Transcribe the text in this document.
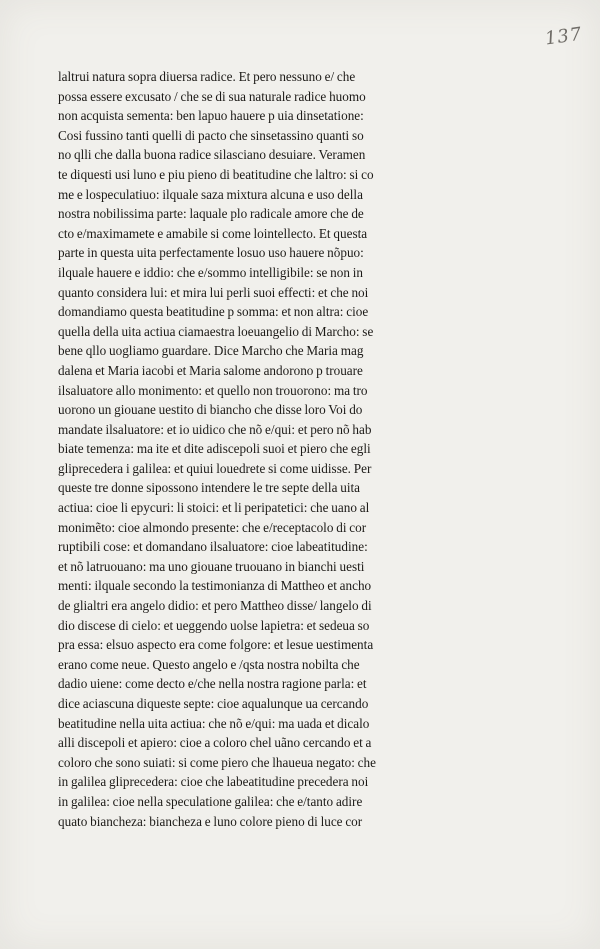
137
laltrui natura sopra diuersa radice. Et pero nessuno e/ che
possa essere excusato / che se di sua naturale radice huomo
non acquista sementa: ben lapuo hauere p uia dinsetatione:
Cosi fussino tanti quelli di pacto che sinsetassino quanti so
no qlli che dalla buona radice silasciano desuiare. Veramen
te diquesti usi luno e piu pieno di beatitudine che laltro: si co
me e lospeculatiuo: ilquale saza mixtura alcuna e uso della
nostra nobilissima parte: laquale plo radicale amore che de
cto e/maximamete e amabile si come lointellecto. Et questa
parte in questa uita perfectamente losuo uso hauere nõpuo:
ilquale hauere e iddio: che e/sommo intelligibile: se non in
quanto considera lui: et mira lui perli suoi effecti: et che noi
domandiamo questa beatitudine p somma: et non altra: cioe
quella della uita actiua ciamaestra loeuangelio di Marcho: se
bene qllo uogliamo guardare. Dice Marcho che Maria mag
dalena et Maria iacobi et Maria salome andorono p trouare
ilsaluatore allo monimento: et quello non trouorono: ma tro
uorono un giouane uestito di biancho che disse loro Voi do
mandate ilsaluatore: et io uidico che nõ e/qui: et pero nõ hab
biate temenza: ma ite et dite adiscepoli suoi et piero che egli
gliprecedera i galilea: et quiui louedrete si come uidisse. Per
queste tre donne sipossono intendere le tre septe della uita
actiua: cioe li epycuri: li stoici: et li peripatetici: che uano al
monimẽto: cioe almondo presente: che e/receptacolo di cor
ruptibili cose: et domandano ilsaluatore: cioe labeatitudine:
et nõ latruouano: ma uno giouane truouano in bianchi uesti
menti: ilquale secondo la testimonianza di Mattheo et ancho
de glialtri era angelo didio: et pero Mattheo disse/ langelo di
dio discese di cielo: et ueggendo uolse lapietra: et sedeua so
pra essa: elsuo aspecto era come folgore: et lesue uestimenta
erano come neue. Questo angelo e /qsta nostra nobilta che
dadio uiene: come decto e/che nella nostra ragione parla: et
dice aciascuna diqueste septe: cioe aqualunque ua cercando
beatitudine nella uita actiua: che nõ e/qui: ma uada et dicalo
alli discepoli et apiero: cioe a coloro chel uãno cercando et a
coloro che sono suiati: si come piero che lhaueua negato: che
in galilea gliprecedera: cioe che labeatitudine precedera noi
in galilea: cioe nella speculatione galilea: che e/tanto adire
quato biancheza: biancheza e luno colore pieno di luce cor
